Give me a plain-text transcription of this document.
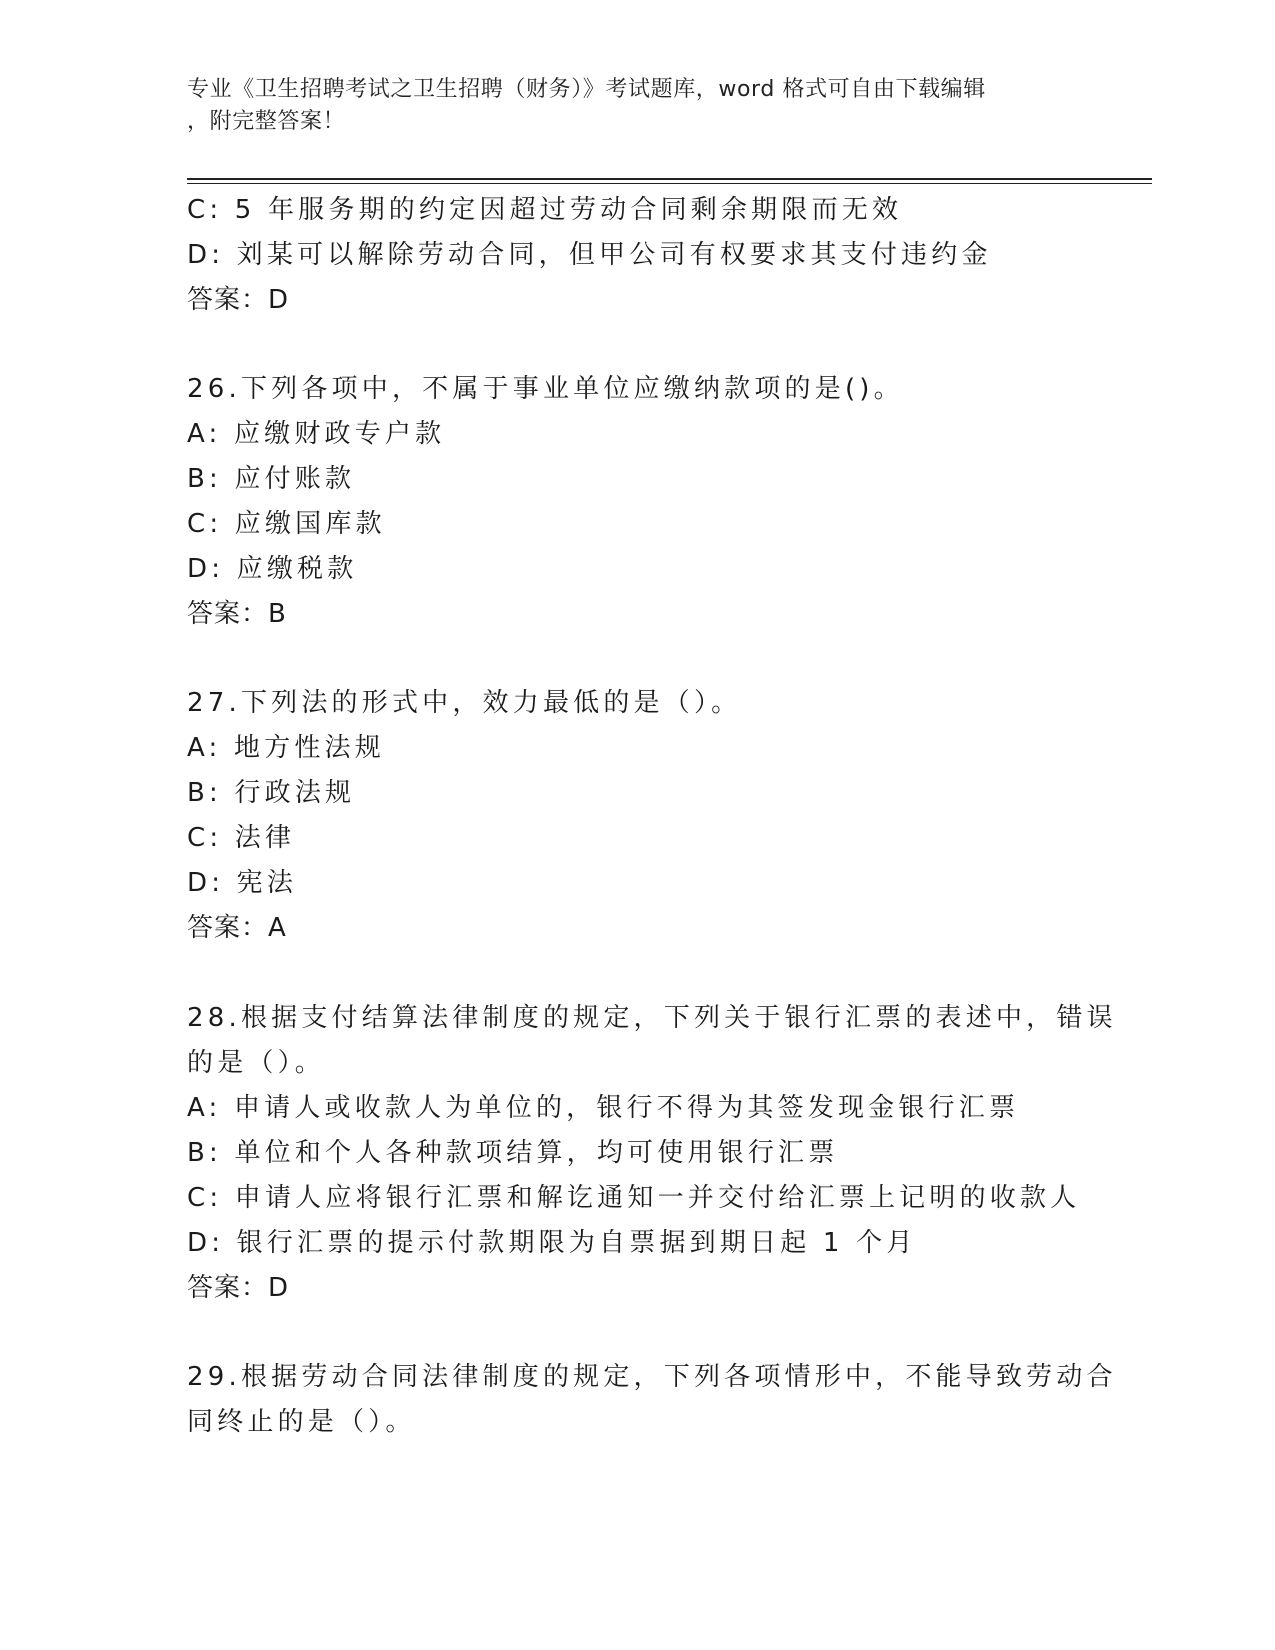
专业《卫生招聘考试之卫生招聘（财务）》考试题库，word 格式可自由下载编辑
，附完整答案！
C: 5 年服务期的约定因超过劳动合同剩余期限而无效
D: 刘某可以解除劳动合同，但甲公司有权要求其支付违约金
答案：D
26.下列各项中，不属于事业单位应缴纳款项的是()。
A: 应缴财政专户款
B: 应付账款
C: 应缴国库款
D: 应缴税款
答案：B
27.下列法的形式中，效力最低的是（）。
A: 地方性法规
B: 行政法规
C: 法律
D: 宪法
答案：A
28.根据支付结算法律制度的规定，下列关于银行汇票的表述中，错误
的是（）。
A: 申请人或收款人为单位的，银行不得为其签发现金银行汇票
B: 单位和个人各种款项结算，均可使用银行汇票
C: 申请人应将银行汇票和解讫通知一并交付给汇票上记明的收款人
D: 银行汇票的提示付款期限为自票据到期日起 1 个月
答案：D
29.根据劳动合同法律制度的规定，下列各项情形中，不能导致劳动合
同终止的是（）。
